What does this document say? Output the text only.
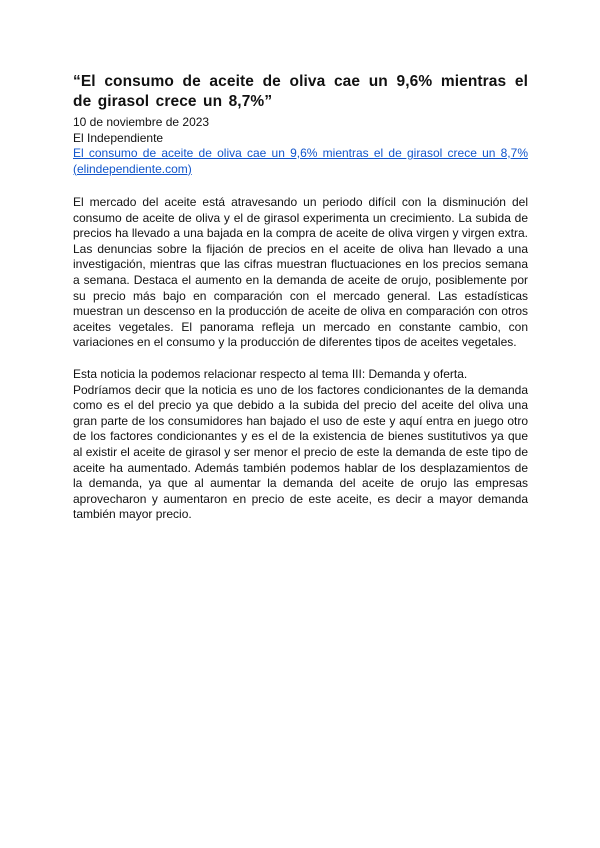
“El consumo de aceite de oliva cae un 9,6% mientras el de girasol crece un 8,7%”
10 de noviembre de 2023
El Independiente
El consumo de aceite de oliva cae un 9,6% mientras el de girasol crece un 8,7% (elindependiente.com)

El mercado del aceite está atravesando un periodo difícil con la disminución del consumo de aceite de oliva y el de girasol experimenta un crecimiento. La subida de precios ha llevado a una bajada en la compra de aceite de oliva virgen y virgen extra. Las denuncias sobre la fijación de precios en el aceite de oliva han llevado a una investigación, mientras que las cifras muestran fluctuaciones en los precios semana a semana. Destaca el aumento en la demanda de aceite de orujo, posiblemente por su precio más bajo en comparación con el mercado general. Las estadísticas muestran un descenso en la producción de aceite de oliva en comparación con otros aceites vegetales. El panorama refleja un mercado en constante cambio, con variaciones en el consumo y la producción de diferentes tipos de aceites vegetales.

Esta noticia la podemos relacionar respecto al tema III: Demanda y oferta.
Podríamos decir que la noticia es uno de los factores condicionantes de la demanda como es el del precio ya que debido a la subida del precio del aceite del oliva una gran parte de los consumidores han bajado el uso de este y aquí entra en juego otro de los factores condicionantes y es el de la existencia de bienes sustitutivos ya que al existir el aceite de girasol y ser menor el precio de este la demanda de este tipo de aceite ha aumentado. Además también podemos hablar de los desplazamientos de la demanda, ya que al aumentar la demanda del aceite de orujo las empresas aprovecharon y aumentaron en precio de este aceite, es decir a mayor demanda también mayor precio.
